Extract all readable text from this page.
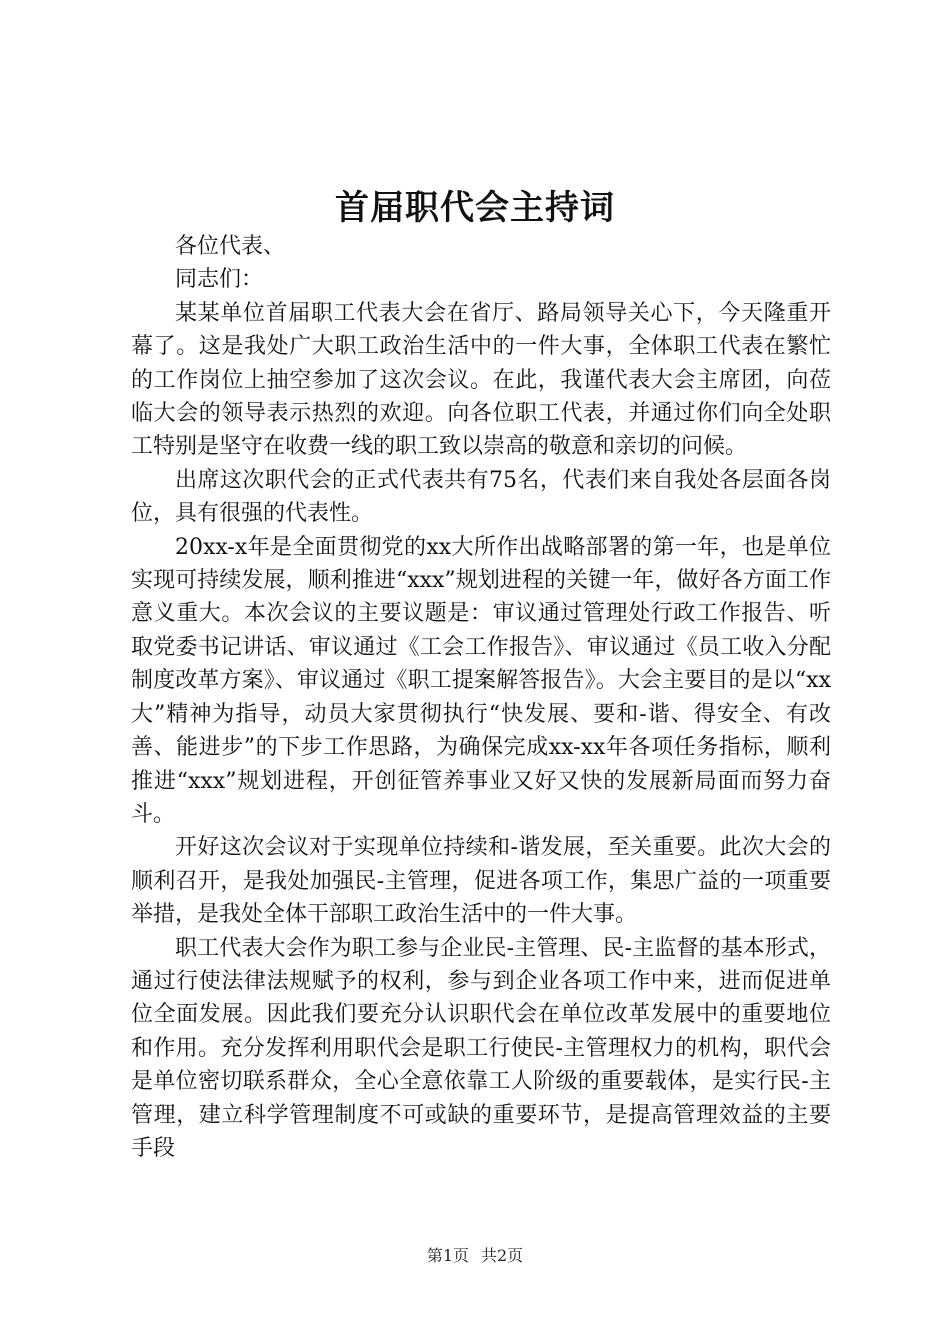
首届职代会主持词

各位代表、

同志们：

某某单位首届职工代表大会在省厅、路局领导关心下，今天隆重开幕了。这是我处广大职工政治生活中的一件大事，全体职工代表在繁忙的工作岗位上抽空参加了这次会议。在此，我谨代表大会主席团，向莅临大会的领导表示热烈的欢迎。向各位职工代表，并通过你们向全处职工特别是坚守在收费一线的职工致以崇高的敬意和亲切的问候。

出席这次职代会的正式代表共有75名，代表们来自我处各层面各岗位，具有很强的代表性。

20xx-x年是全面贯彻党的xx大所作出战略部署的第一年，也是单位实现可持续发展，顺利推进“xxx”规划进程的关键一年，做好各方面工作意义重大。本次会议的主要议题是：审议通过管理处行政工作报告、听取党委书记讲话、审议通过《工会工作报告》、审议通过《员工收入分配制度改革方案》、审议通过《职工提案解答报告》。大会主要目的是以“xx大”精神为指导，动员大家贯彻执行“快发展、要和-谐、得安全、有改善、能进步”的下步工作思路，为确保完成xx-xx年各项任务指标，顺利推进“xxx”规划进程，开创征管养事业又好又快的发展新局面而努力奋斗。

开好这次会议对于实现单位持续和-谐发展，至关重要。此次大会的顺利召开，是我处加强民-主管理，促进各项工作，集思广益的一项重要举措，是我处全体干部职工政治生活中的一件大事。

职工代表大会作为职工参与企业民-主管理、民-主监督的基本形式，通过行使法律法规赋予的权利，参与到企业各项工作中来，进而促进单位全面发展。因此我们要充分认识职代会在单位改革发展中的重要地位和作用。充分发挥利用职代会是职工行使民-主管理权力的机构，职代会是单位密切联系群众，全心全意依靠工人阶级的重要载体，是实行民-主管理，建立科学管理制度不可或缺的重要环节，是提高管理效益的主要手段

第1页 共2页
